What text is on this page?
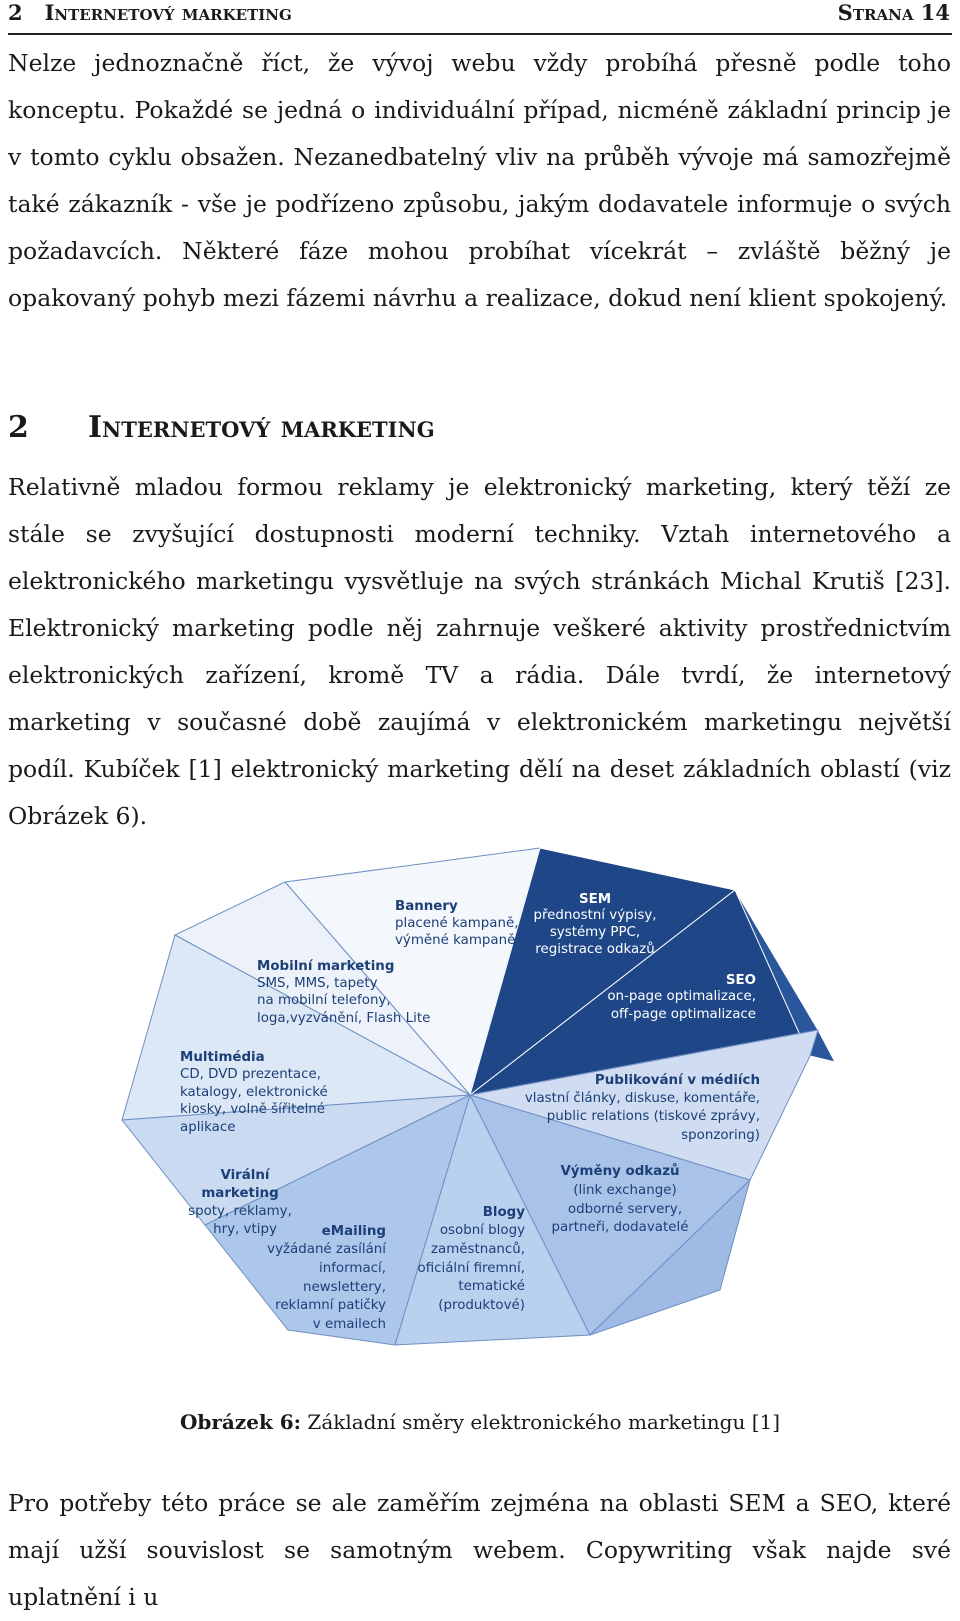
2 Internetový marketing	Strana 14

Nelze jednoznačně říct, že vývoj webu vždy probíhá přesně podle toho konceptu. Pokaždé se jedná o individuální případ, nicméně základní princip je v tomto cyklu obsažen. Nezanedbatelný vliv na průběh vývoje má samozřejmě také zákazník - vše je podřízeno způsobu, jakým dodavatele informuje o svých požadavcích. Některé fáze mohou probíhat vícekrát – zvláště běžný je opakovaný pohyb mezi fázemi návrhu a realizace, dokud není klient spokojený.

2 Internetový marketing

Relativně mladou formou reklamy je elektronický marketing, který těží ze stále se zvyšující dostupnosti moderní techniky. Vztah internetového a elektronického marketingu vysvětluje na svých stránkách Michal Krutiš [23]. Elektronický marketing podle něj zahrnuje veškeré aktivity prostřednictvím elektronických zařízení, kromě TV a rádia. Dále tvrdí, že internetový marketing v současné době zaujímá v elektronickém marketingu největší podíl. Kubíček [1] elektronický marketing dělí na deset základních oblastí (viz Obrázek 6).

Bannery
placené kampaně,
výměné kampaně
SEM
přednostní výpisy,
systémy PPC,
registrace odkazů
SEO
on-page optimalizace,
off-page optimalizace
Mobilní marketing
SMS, MMS, tapety
na mobilní telefony,
loga,vyzvánění, Flash Lite
Multimédia
CD, DVD prezentace,
katalogy, elektronické
kiosky, volně šířitelné
aplikace
Publikování v médiích
vlastní články, diskuse, komentáře,
public relations (tiskové zprávy,
sponzoring)
Virální
marketing
spoty, reklamy,
hry, vtipy	eMailing
vyžádané zasílání
informací,
newslettery,
reklamní patičky
v emailech
Blogy
osobní blogy
zaměstnanců,
oficiální firemní,
tematické
(produktové)
Výměny odkazů
(link exchange)
odborné servery,
partneři, dodavatelé
Obrázek 6: Základní směry elektronického marketingu [1]

Pro potřeby této práce se ale zaměřím zejména na oblasti SEM a SEO, které mají užší souvislost se samotným webem. Copywriting však najde své uplatnění i u
